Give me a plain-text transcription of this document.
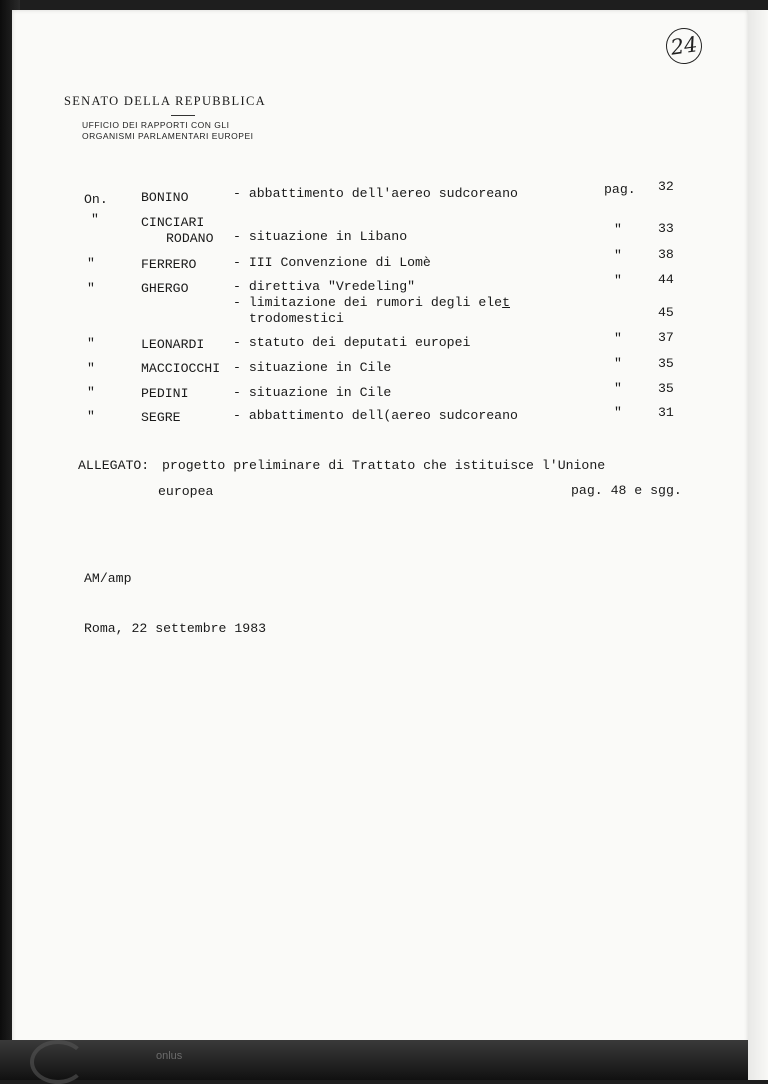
onlus
24
SENATO DELLA REPUBBLICA
UFFICIO DEI RAPPORTI CON GLI
ORGANISMI PARLAMENTARI EUROPEI
On.	BONINO	- abbattimento dell'aereo sudcoreano	pag. 32
"	CINCIARI
RODANO - situazione in Libano	"	33
"	FERRERO	- III Convenzione di Lomè	"	38
"	GHERGO	- direttiva "Vredeling"	"	44
- limitazione dei rumori degli elet
trodomestici	45
"	LEONARDI - statuto dei deputati europei	"	37
"	MACCIOCCHI - situazione in Cile	"	35
"	PEDINI	- situazione in Cile	"	35
"	SEGRE	- abbattimento dell(aereo sudcoreano	"	31
ALLEGATO: progetto preliminare di Trattato che istituisce l'Unione
europea	pag. 48 e sgg.
AM/amp
Roma, 22 settembre 1983
